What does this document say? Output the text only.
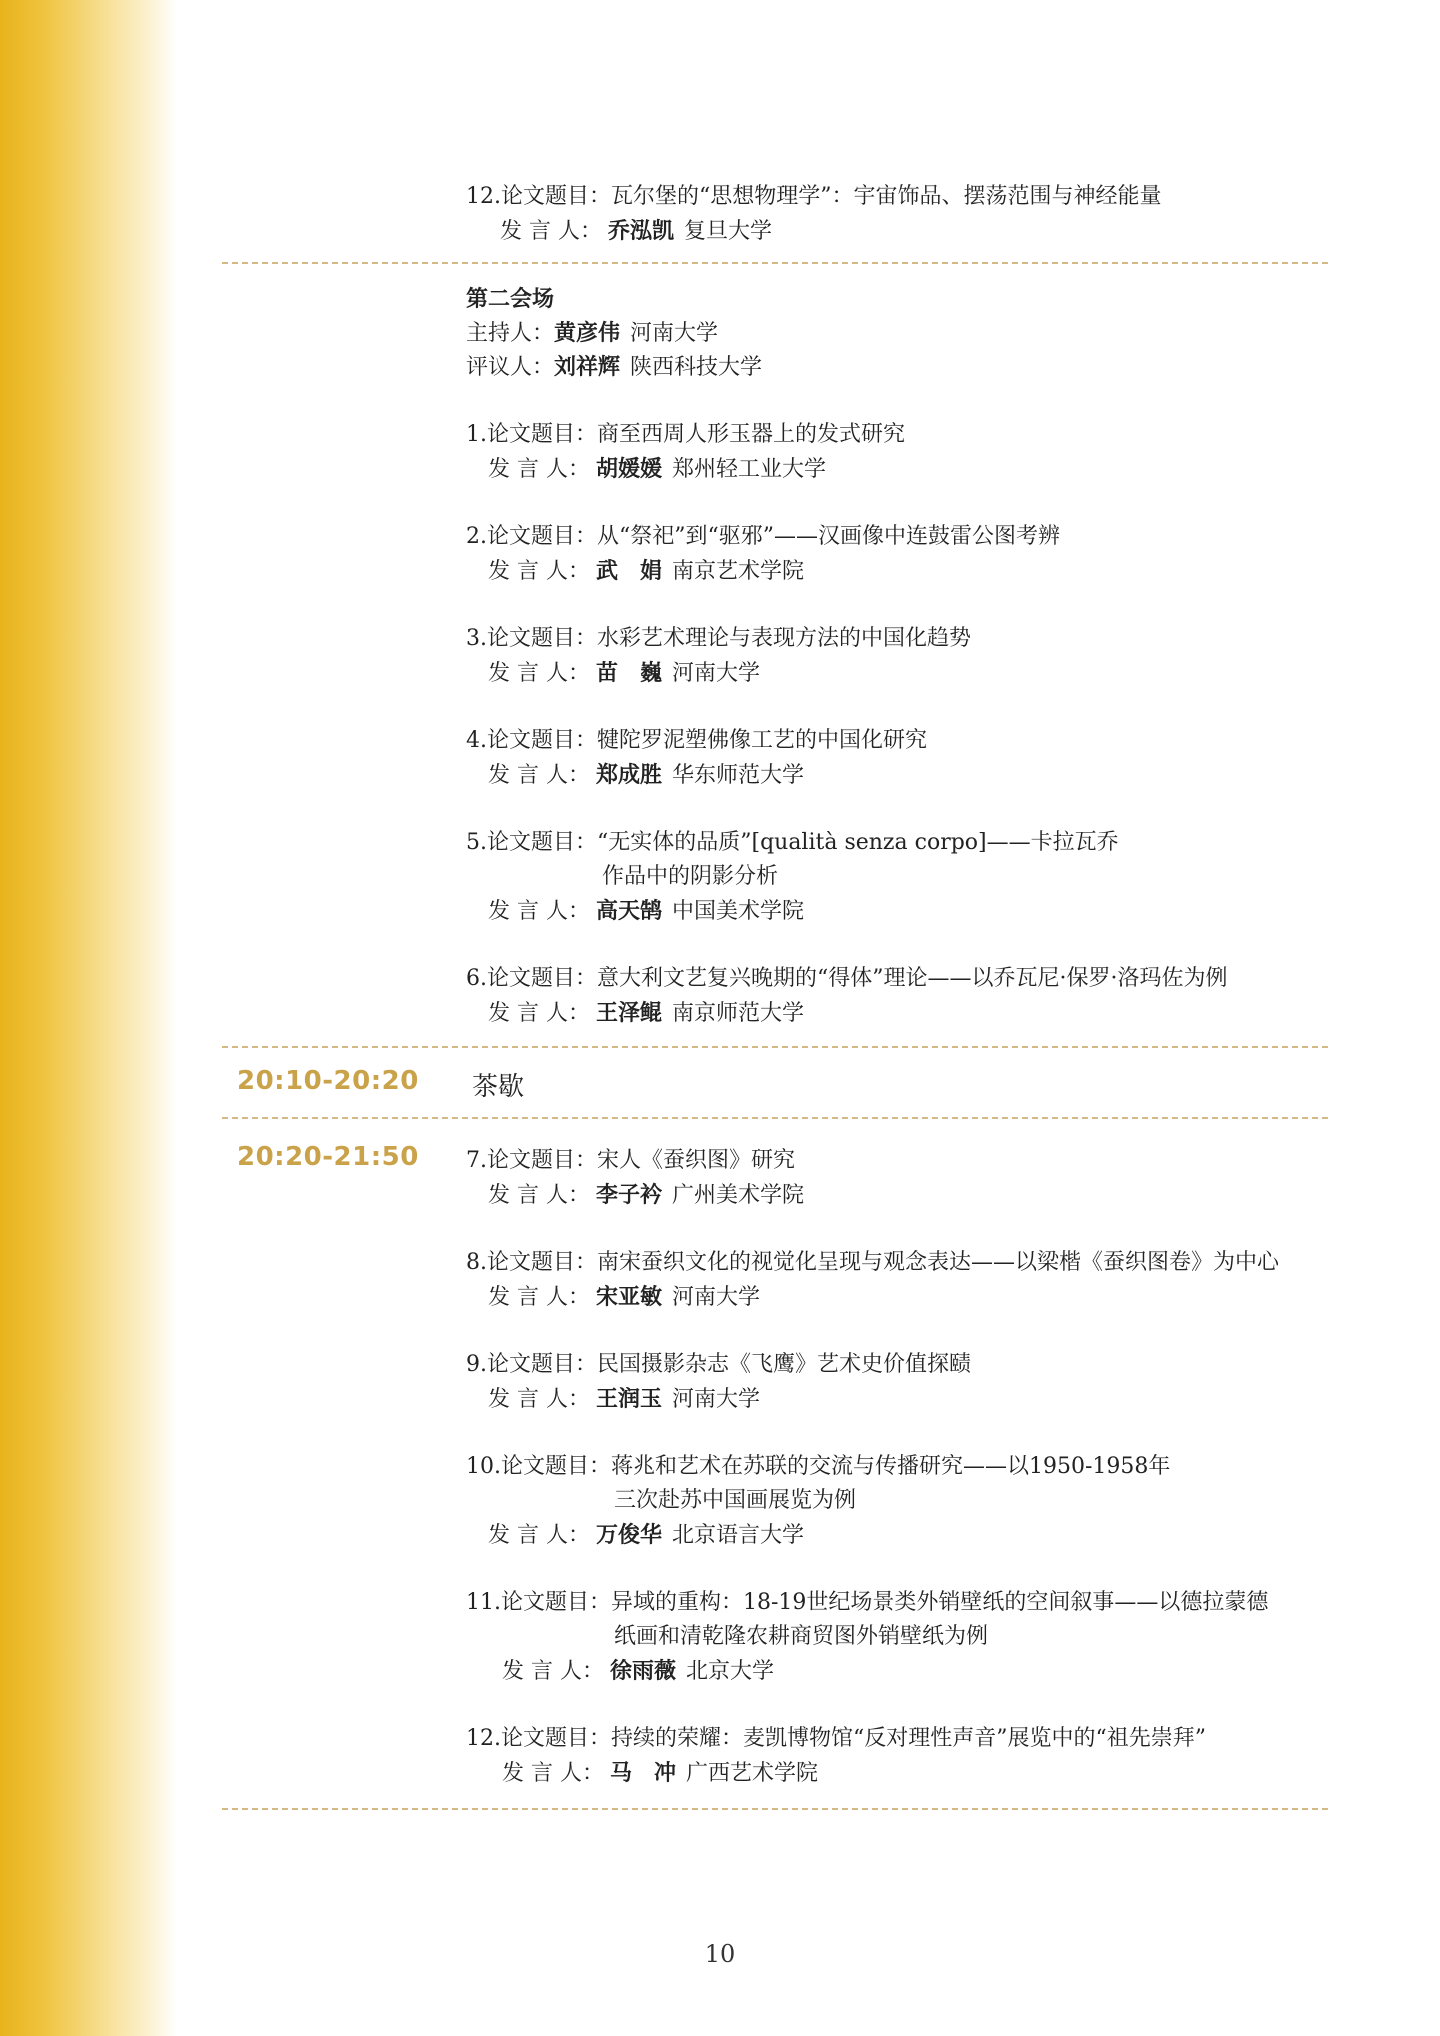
12.论文题目：瓦尔堡的“思想物理学”：宇宙饰品、摆荡范围与神经能量
发 言 人： 乔泓凯 复旦大学
第二会场
主持人：黄彦伟 河南大学
评议人：刘祥辉 陕西科技大学
1.论文题目：商至西周人形玉器上的发式研究
发 言 人： 胡媛媛 郑州轻工业大学
2.论文题目：从“祭祀”到“驱邪”——汉画像中连鼓雷公图考辨
发 言 人： 武　娟 南京艺术学院
3.论文题目：水彩艺术理论与表现方法的中国化趋势
发 言 人： 苗　巍 河南大学
4.论文题目：犍陀罗泥塑佛像工艺的中国化研究
发 言 人： 郑成胜 华东师范大学
5.论文题目：“无实体的品质”[qualità senza corpo]——卡拉瓦乔
作品中的阴影分析
发 言 人： 高天鹄 中国美术学院
6.论文题目：意大利文艺复兴晚期的“得体”理论——以乔瓦尼·保罗·洛玛佐为例
发 言 人： 王泽鲲 南京师范大学
20:10-20:20 茶歇
20:20-21:50 7.论文题目：宋人《蚕织图》研究
发 言 人： 李子衿 广州美术学院
8.论文题目：南宋蚕织文化的视觉化呈现与观念表达——以梁楷《蚕织图卷》为中心
发 言 人： 宋亚敏 河南大学
9.论文题目：民国摄影杂志《飞鹰》艺术史价值探赜
发 言 人： 王润玉 河南大学
10.论文题目：蒋兆和艺术在苏联的交流与传播研究——以1950-1958年
三次赴苏中国画展览为例
发 言 人： 万俊华 北京语言大学
11.论文题目：异域的重构：18-19世纪场景类外销壁纸的空间叙事——以德拉蒙德
纸画和清乾隆农耕商贸图外销壁纸为例
发 言 人： 徐雨薇 北京大学
12.论文题目：持续的荣耀：麦凯博物馆“反对理性声音”展览中的“祖先崇拜”
发 言 人： 马　冲 广西艺术学院
10
